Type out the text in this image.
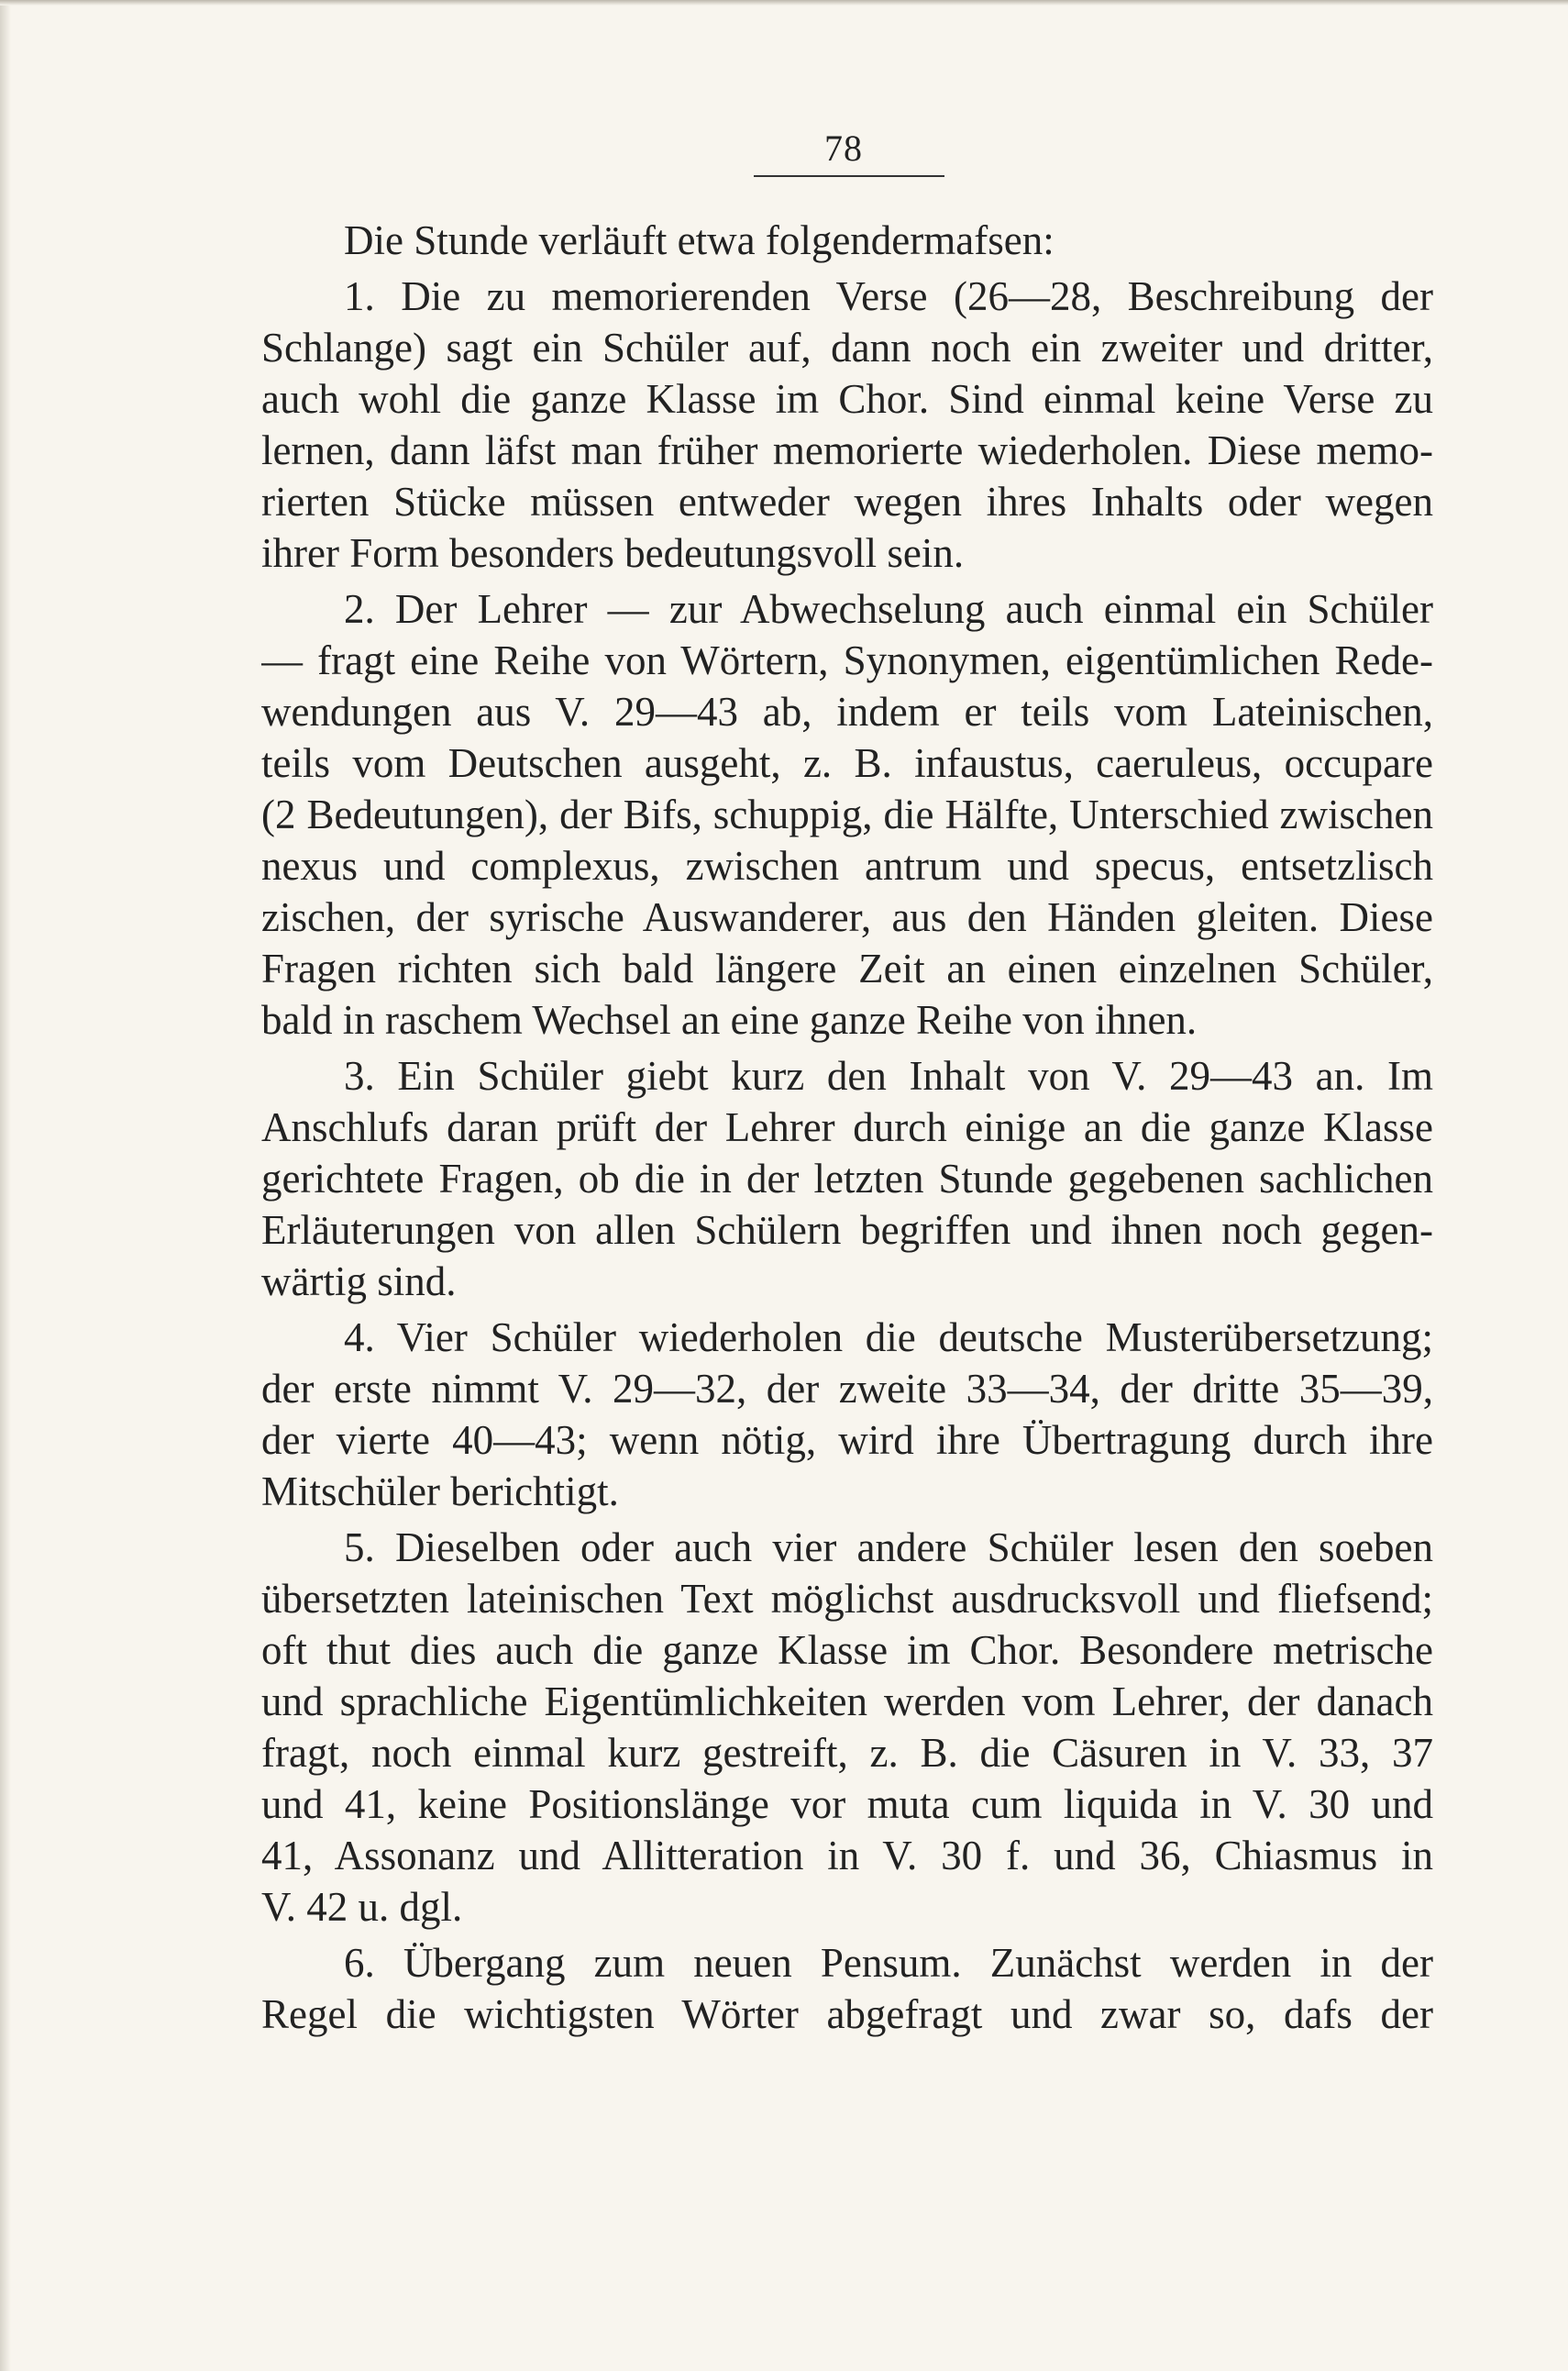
78
Die Stunde verläuft etwa folgendermafsen:
1. Die zu memorierenden Verse (26—28, Beschreibung der
Schlange) sagt ein Schüler auf, dann noch ein zweiter und dritter,
auch wohl die ganze Klasse im Chor. Sind einmal keine Verse zu
lernen, dann läfst man früher memorierte wiederholen. Diese memo-
rierten Stücke müssen entweder wegen ihres Inhalts oder wegen
ihrer Form besonders bedeutungsvoll sein.
2. Der Lehrer — zur Abwechselung auch einmal ein Schüler
— fragt eine Reihe von Wörtern, Synonymen, eigentümlichen Rede-
wendungen aus V. 29—43 ab, indem er teils vom Lateinischen,
teils vom Deutschen ausgeht, z. B. infaustus, caeruleus, occupare
(2 Bedeutungen), der Bifs, schuppig, die Hälfte, Unterschied zwischen
nexus und complexus, zwischen antrum und specus, entsetzlisch
zischen, der syrische Auswanderer, aus den Händen gleiten. Diese
Fragen richten sich bald längere Zeit an einen einzelnen Schüler,
bald in raschem Wechsel an eine ganze Reihe von ihnen.
3. Ein Schüler giebt kurz den Inhalt von V. 29—43 an. Im
Anschlufs daran prüft der Lehrer durch einige an die ganze Klasse
gerichtete Fragen, ob die in der letzten Stunde gegebenen sachlichen
Erläuterungen von allen Schülern begriffen und ihnen noch gegen-
wärtig sind.
4. Vier Schüler wiederholen die deutsche Musterübersetzung;
der erste nimmt V. 29—32, der zweite 33—34, der dritte 35—39,
der vierte 40—43; wenn nötig, wird ihre Übertragung durch ihre
Mitschüler berichtigt.
5. Dieselben oder auch vier andere Schüler lesen den soeben
übersetzten lateinischen Text möglichst ausdrucksvoll und fliefsend;
oft thut dies auch die ganze Klasse im Chor. Besondere metrische
und sprachliche Eigentümlichkeiten werden vom Lehrer, der danach
fragt, noch einmal kurz gestreift, z. B. die Cäsuren in V. 33, 37
und 41, keine Positionslänge vor muta cum liquida in V. 30 und
41, Assonanz und Allitteration in V. 30 f. und 36, Chiasmus in
V. 42 u. dgl.
6. Übergang zum neuen Pensum. Zunächst werden in der
Regel die wichtigsten Wörter abgefragt und zwar so, dafs der
